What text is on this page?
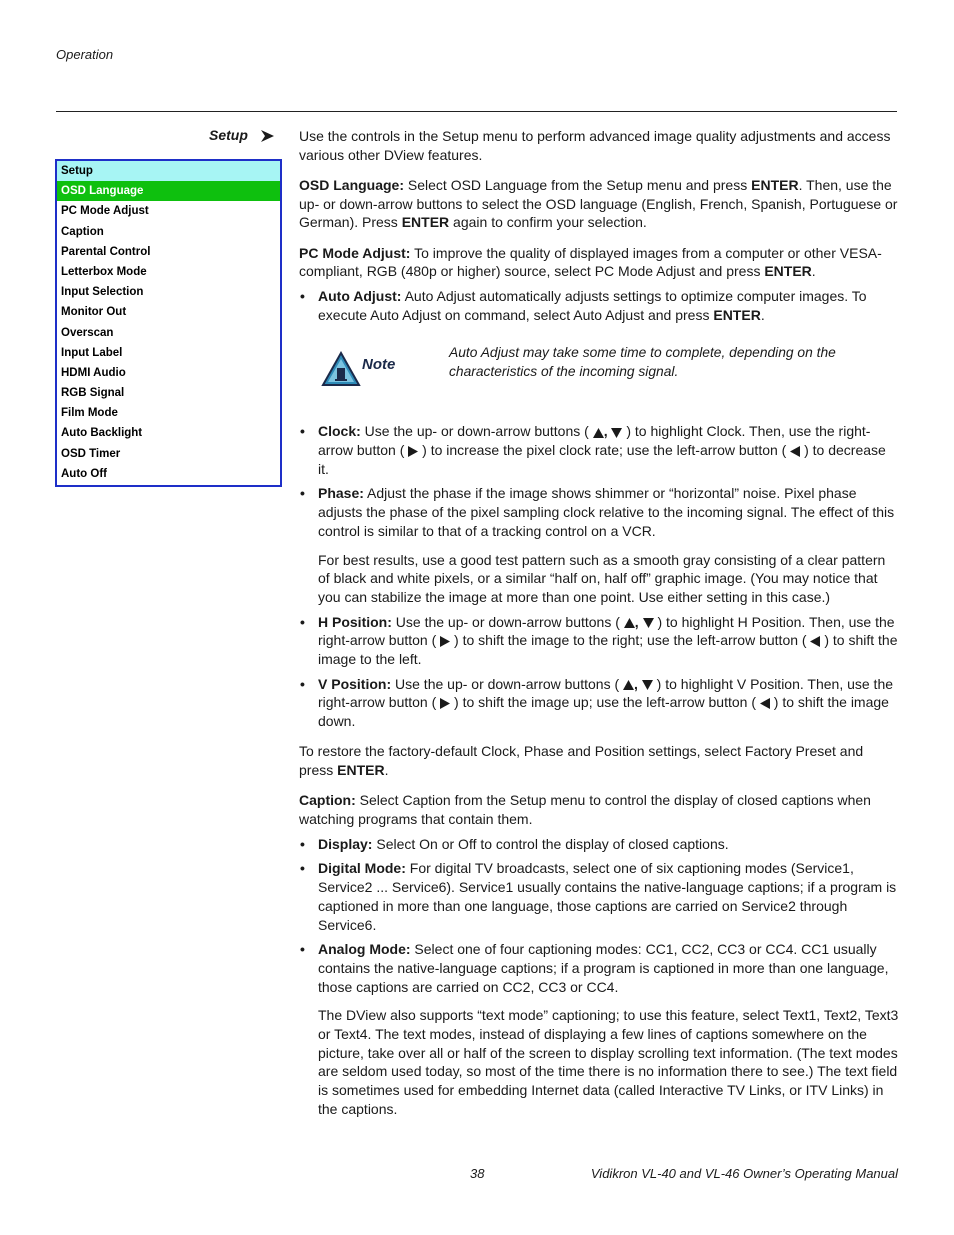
Operation
Setup
Setup
OSD Language
PC Mode Adjust
Caption
Parental Control
Letterbox Mode
Input Selection
Monitor Out
Overscan
Input Label
HDMI Audio
RGB Signal
Film Mode
Auto Backlight
OSD Timer
Auto Off

Use the controls in the Setup menu to perform advanced image quality adjustments and access various other DView features.

OSD Language: Select OSD Language from the Setup menu and press ENTER. Then, use the up- or down-arrow buttons to select the OSD language (English, French, Spanish, Portuguese or German). Press ENTER again to confirm your selection.

PC Mode Adjust: To improve the quality of displayed images from a computer or other VESA-compliant, RGB (480p or higher) source, select PC Mode Adjust and press ENTER.

• Auto Adjust: Auto Adjust automatically adjusts settings to optimize computer images. To execute Auto Adjust on command, select Auto Adjust and press ENTER.

Note
Auto Adjust may take some time to complete, depending on the characteristics of the incoming signal.

• Clock: Use the up- or down-arrow buttons ( ,  ) to highlight Clock. Then, use the right-arrow button (  ) to increase the pixel clock rate; use the left-arrow button (  ) to decrease it.

• Phase: Adjust the phase if the image shows shimmer or “horizontal” noise. Pixel phase adjusts the phase of the pixel sampling clock relative to the incoming signal. The effect of this control is similar to that of a tracking control on a VCR.

For best results, use a good test pattern such as a smooth gray consisting of a clear pattern of black and white pixels, or a similar “half on, half off” graphic image. (You may notice that you can stabilize the image at more than one point. Use either setting in this case.)

• H Position: Use the up- or down-arrow buttons ( ,  ) to highlight H Position. Then, use the right-arrow button (  ) to shift the image to the right; use the left-arrow button (  ) to shift the image to the left.

• V Position: Use the up- or down-arrow buttons ( ,  ) to highlight V Position. Then, use the right-arrow button (  ) to shift the image up; use the left-arrow button (  ) to shift the image down.

To restore the factory-default Clock, Phase and Position settings, select Factory Preset and press ENTER.

Caption: Select Caption from the Setup menu to control the display of closed captions when watching programs that contain them.

• Display: Select On or Off to control the display of closed captions.

• Digital Mode: For digital TV broadcasts, select one of six captioning modes (Service1, Service2 ... Service6). Service1 usually contains the native-language captions; if a program is captioned in more than one language, those captions are carried on Service2 through Service6.

• Analog Mode: Select one of four captioning modes: CC1, CC2, CC3 or CC4. CC1 usually contains the native-language captions; if a program is captioned in more than one language, those captions are carried on CC2, CC3 or CC4.

The DView also supports “text mode” captioning; to use this feature, select Text1, Text2, Text3 or Text4. The text modes, instead of displaying a few lines of captions somewhere on the picture, take over all or half of the screen to display scrolling text information. (The text modes are seldom used today, so most of the time there is no information there to see.) The text field is sometimes used for embedding Internet data (called Interactive TV Links, or ITV Links) in the captions.

38	Vidikron VL-40 and VL-46 Owner’s Operating Manual
